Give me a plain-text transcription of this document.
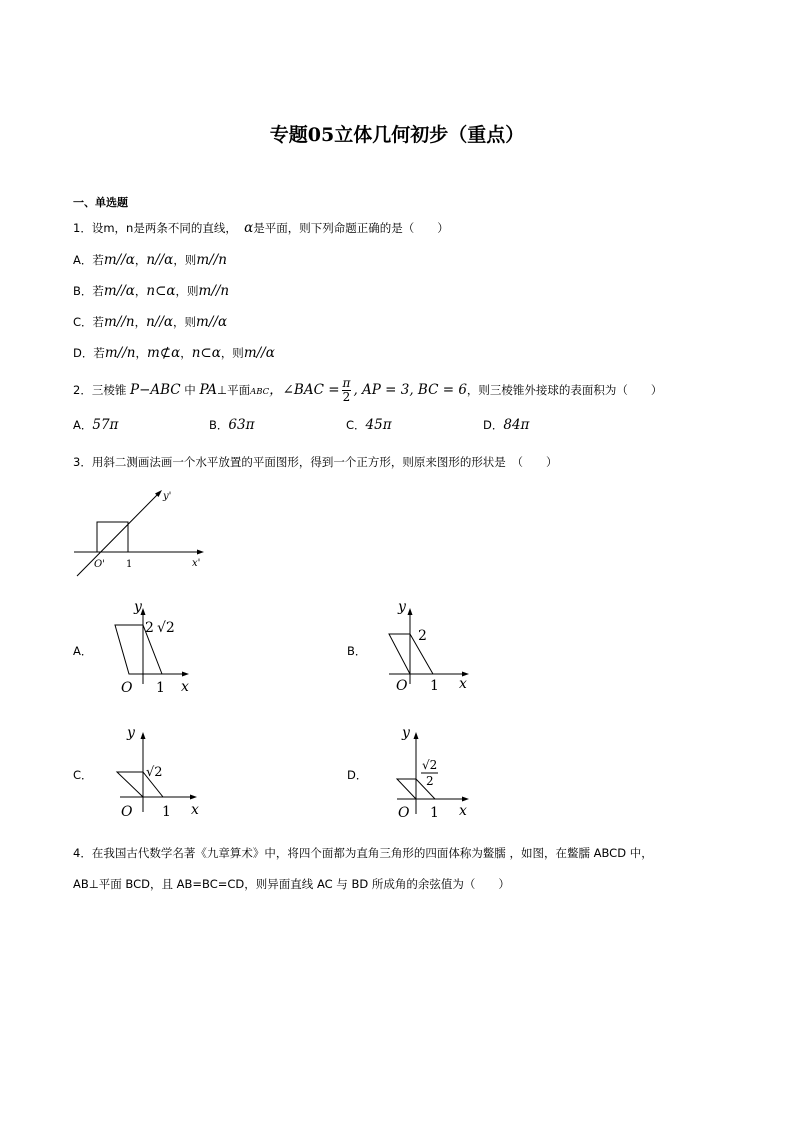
专题05立体几何初步（重点）
一、单选题
1．设m，n是两条不同的直线， α是平面，则下列命题正确的是（　　）
A．若m//α，n//α，则m//n
B．若m//α，n⊂α，则m//n
C．若m//n，n//α，则m//α
D．若m//n，m⊄α，n⊂α，则m//α
2．三棱锥 P−ABC 中 PA⊥平面ABC，∠BAC = $\frac{\pi}{2}$ , AP = 3, BC = 6，则三棱锥外接球的表面积为（　　）
A．57π	B．63π	C．45π	D．84π
3．用斜二测画法画一个水平放置的平面图形，得到一个正方形，则原来图形的形状是　（　　）
y'
x'
O' 1
A．
y
x
O 1
2 √2
B．
y
x
O 1
2
C．
y
x
O 1
√2	D．
y
x
O 1
√2
2
4．在我国古代数学名著《九章算术》中，将四个面都为直角三角形的四面体称为鳖臑 ，如图，在鳖臑 ABCD 中，
AB⊥平面 BCD，且 AB=BC=CD，则异面直线 AC 与 BD 所成角的余弦值为（　　）
